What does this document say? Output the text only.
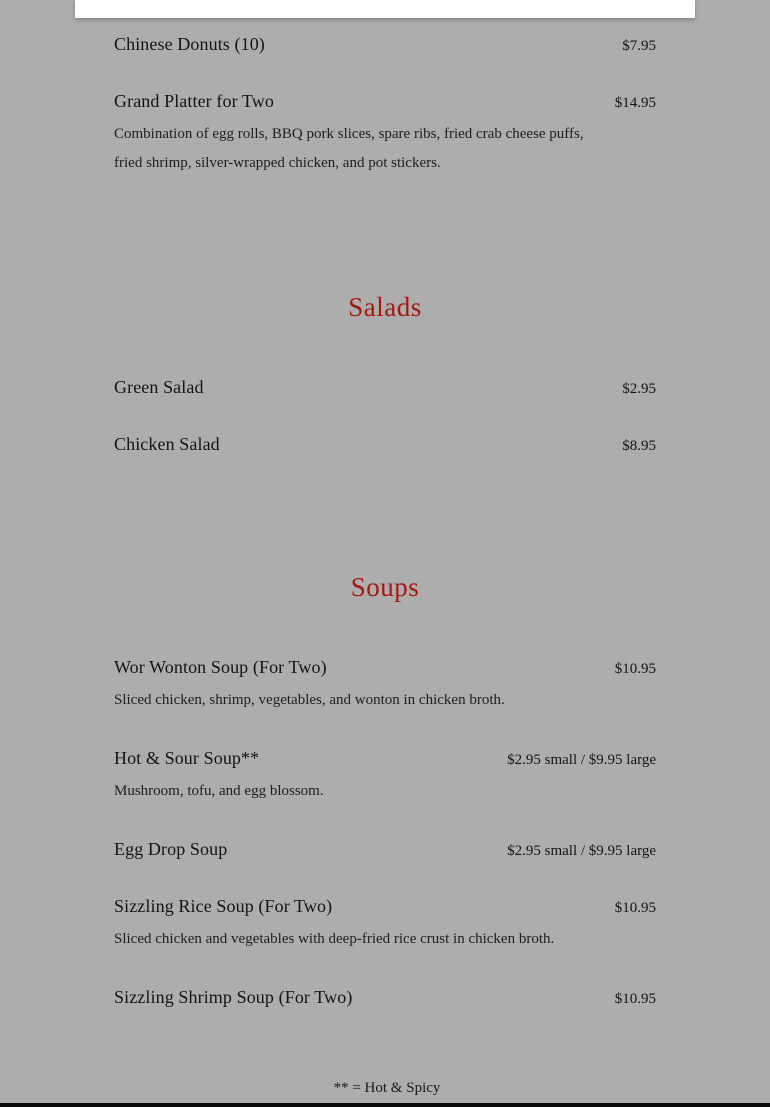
Chinese Donuts (10)	$7.95
Grand Platter for Two	$14.95
Combination of egg rolls, BBQ pork slices, spare ribs, fried crab cheese puffs, fried shrimp, silver-wrapped chicken, and pot stickers.
Salads
Green Salad	$2.95
Chicken Salad	$8.95
Soups
Wor Wonton Soup (For Two)	$10.95
Sliced chicken, shrimp, vegetables, and wonton in chicken broth.
Hot & Sour Soup**	$2.95 small / $9.95 large
Mushroom, tofu, and egg blossom.
Egg Drop Soup	$2.95 small / $9.95 large
Sizzling Rice Soup (For Two)	$10.95
Sliced chicken and vegetables with deep-fried rice crust in chicken broth.
Sizzling Shrimp Soup (For Two)	$10.95
** = Hot & Spicy
